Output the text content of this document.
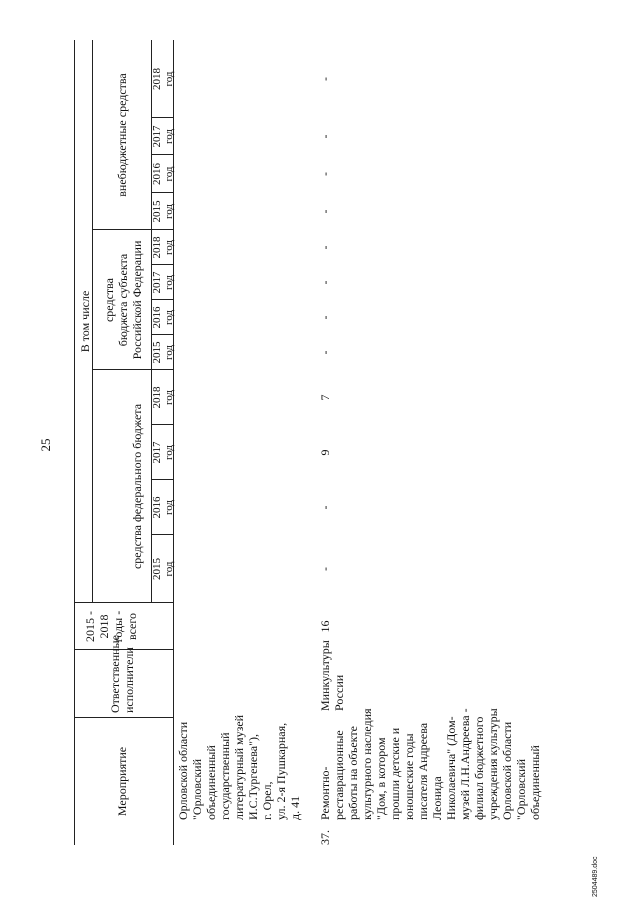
25
Мероприятие
Ответственные исполнители
2015 - 2018 годы - всего
В том числе
средства федерального бюджета
средства бюджета субъекта Российской Федерации
внебюджетные средства
2015
год
2016
год
2017
год
2018
год
2015
год
2016
год
2017
год
2018
год
2015
год
2016
год
2017
год
2018
год
Орловской области "Орловский объединенный государственный литературный музей И.С.Тургенева"), г. Орел, ул. 2-я Пушкарная, д. 41
37.
Ремонтно- реставрационные работы на объекте культурного наследия "Дом, в котором прошли детские и юношеские годы писателя Андреева Леонида Николаевича" (Дом- музей Л.Н.Андреева - филиал бюджетного учреждения культуры Орловской области "Орловский объединенный
Минкультуры России
16
-
-
9
7
-
-
-
-
-
-
-
-
2504489.doc
